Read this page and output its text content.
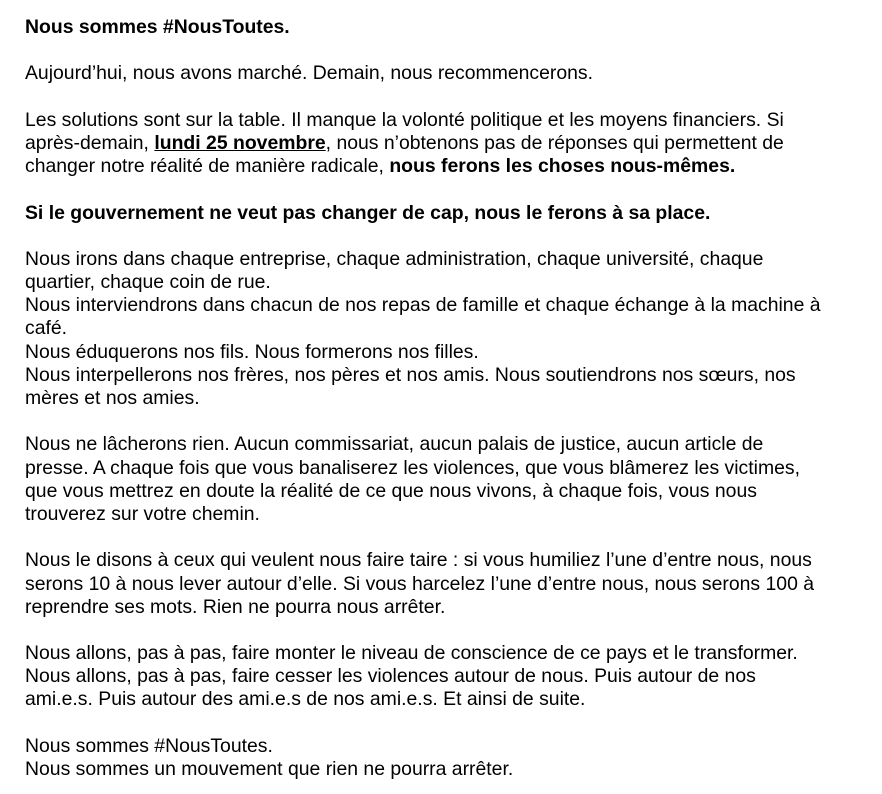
Nous sommes #NousToutes.
Aujourd’hui, nous avons marché. Demain, nous recommencerons.
Les solutions sont sur la table. Il manque la volonté politique et les moyens financiers. Si
après-demain, lundi 25 novembre, nous n’obtenons pas de réponses qui permettent de
changer notre réalité de manière radicale, nous ferons les choses nous-mêmes.
Si le gouvernement ne veut pas changer de cap, nous le ferons à sa place.
Nous irons dans chaque entreprise, chaque administration, chaque université, chaque
quartier, chaque coin de rue.
Nous interviendrons dans chacun de nos repas de famille et chaque échange à la machine à
café.
Nous éduquerons nos fils. Nous formerons nos filles.
Nous interpellerons nos frères, nos pères et nos amis. Nous soutiendrons nos sœurs, nos
mères et nos amies.
Nous ne lâcherons rien. Aucun commissariat, aucun palais de justice, aucun article de
presse. A chaque fois que vous banaliserez les violences, que vous blâmerez les victimes,
que vous mettrez en doute la réalité de ce que nous vivons, à chaque fois, vous nous
trouverez sur votre chemin.
Nous le disons à ceux qui veulent nous faire taire : si vous humiliez l’une d’entre nous, nous
serons 10 à nous lever autour d’elle. Si vous harcelez l’une d’entre nous, nous serons 100 à
reprendre ses mots. Rien ne pourra nous arrêter.
Nous allons, pas à pas, faire monter le niveau de conscience de ce pays et le transformer.
Nous allons, pas à pas, faire cesser les violences autour de nous. Puis autour de nos
ami.e.s. Puis autour des ami.e.s de nos ami.e.s. Et ainsi de suite.
Nous sommes #NousToutes.
Nous sommes un mouvement que rien ne pourra arrêter.
